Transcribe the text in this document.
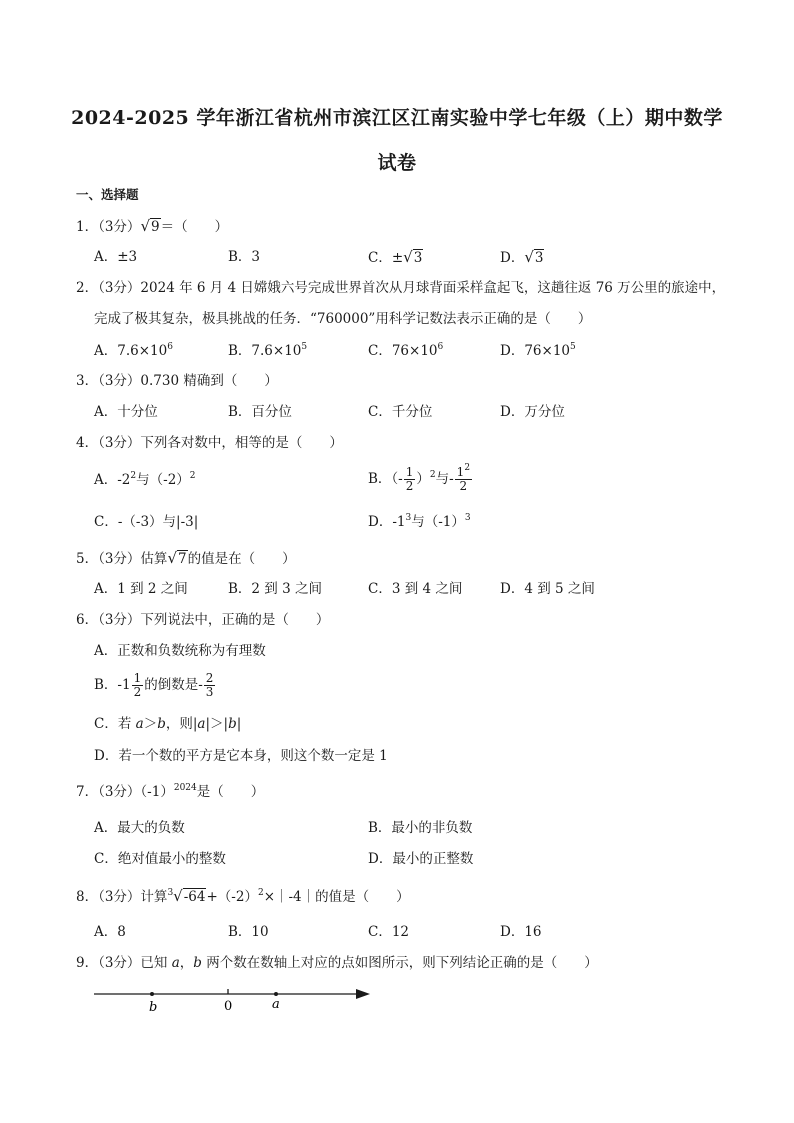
2024-2025 学年浙江省杭州市滨江区江南实验中学七年级（上）期中数学
试卷
一、选择题
1．（3分）√9＝（　　）
A．±3	B．3	C．±√3	D．√3
2．（3分）2024 年 6 月 4 日嫦娥六号完成世界首次从月球背面采样盒起飞，这趟往返 76 万公里的旅途中，
完成了极其复杂，极具挑战的任务．“760000”用科学记数法表示正确的是（　　）
A．$7.6\times 10^6$	B．$7.6\times 10^5$	C．$76\times 10^6$	D．$76\times 10^5$
3．（3分）0.730 精确到（　　）
A．十分位	B．百分位	C．千分位	D．万分位
4．（3分）下列各对数中，相等的是（　　）
A．$-2^2$与$(-2)^2$	B．（- $\frac{1}{2} )^2$与- $\frac{1^2}{2}$
C．-（-3）与|-3|	D．$-1^3$与$(-1)^3$
5．（3分）估算√7的值是在（　　）
A．1 到 2 之间	B．2 到 3 之间	C．3 到 4 之间	D．4 到 5 之间
6．（3分）下列说法中，正确的是（　　）
A．正数和负数统称为有理数
B．$-1 \frac{1}{2}$ 的倒数是- $\frac{2}{3}$
C．若 a＞b，则|a|＞|b|
D．若一个数的平方是它本身，则这个数一定是 1
7．（3分）$(-1)^{2024}$是（　　）
A．最大的负数	B．最小的非负数
C．绝对值最小的整数	D．最小的正整数
8．（3分）计算$^3√-64+(-2)^2\times|-4|$的值是（　　）
A．8	B．10	C．12	D．16
9．（3分）已知 a，b 两个数在数轴上对应的点如图所示，则下列结论正确的是（　　）
b	0	a
